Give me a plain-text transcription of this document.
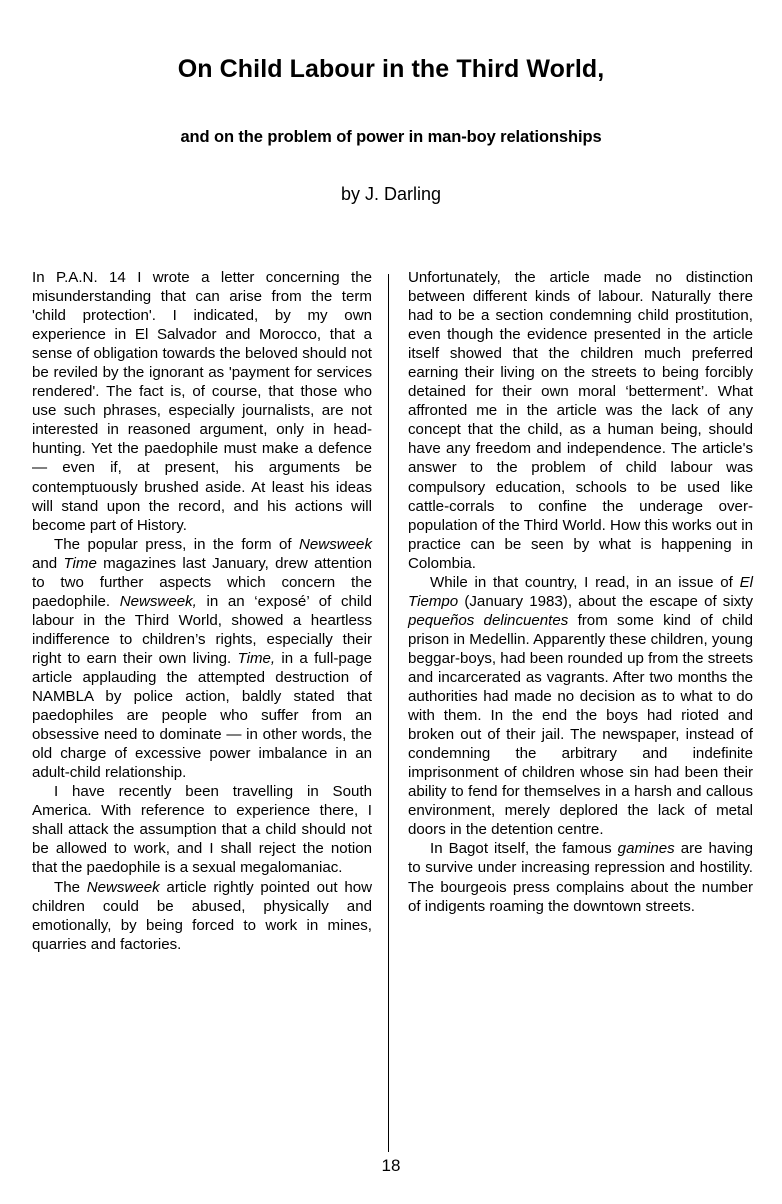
On Child Labour in the Third World,
and on the problem of power in man-boy relationships
by J. Darling

In P.A.N. 14 I wrote a letter concerning the misunderstanding that can arise from the term 'child protection'. I indicated, by my own experience in El Salvador and Morocco, that a sense of obligation towards the beloved should not be reviled by the ignorant as 'payment for services rendered'. The fact is, of course, that those who use such phrases, especially journalists, are not interested in reasoned argument, only in head-hunting. Yet the paedophile must make a defence — even if, at present, his arguments be contemptuously brushed aside. At least his ideas will stand upon the record, and his actions will become part of History.

The popular press, in the form of Newsweek and Time magazines last January, drew attention to two further aspects which concern the paedophile. Newsweek, in an ‘exposé’ of child labour in the Third World, showed a heartless indifference to children’s rights, especially their right to earn their own living. Time, in a full-page article applauding the attempted destruction of NAMBLA by police action, baldly stated that paedophiles are people who suffer from an obsessive need to dominate — in other words, the old charge of excessive power imbalance in an adult-child relationship.

I have recently been travelling in South America. With reference to experience there, I shall attack the assumption that a child should not be allowed to work, and I shall reject the notion that the paedophile is a sexual megalomaniac.

The Newsweek article rightly pointed out how children could be abused, physically and emotionally, by being forced to work in mines, quarries and factories.

Unfortunately, the article made no distinction between different kinds of labour. Naturally there had to be a section condemning child prostitution, even though the evidence presented in the article itself showed that the children much preferred earning their living on the streets to being forcibly detained for their own moral ‘betterment’. What affronted me in the article was the lack of any concept that the child, as a human being, should have any freedom and independence. The article's answer to the problem of child labour was compulsory education, schools to be used like cattle-corrals to confine the underage over-population of the Third World. How this works out in practice can be seen by what is happening in Colombia.

While in that country, I read, in an issue of El Tiempo (January 1983), about the escape of sixty pequeños delincuentes from some kind of child prison in Medellin. Apparently these children, young beggar-boys, had been rounded up from the streets and incarcerated as vagrants. After two months the authorities had made no decision as to what to do with them. In the end the boys had rioted and broken out of their jail. The newspaper, instead of condemning the arbitrary and indefinite imprisonment of children whose sin had been their ability to fend for themselves in a harsh and callous environment, merely deplored the lack of metal doors in the detention centre.

In Bagot itself, the famous gamines are having to survive under increasing repression and hostility. The bourgeois press complains about the number of indigents roaming the downtown streets.

18
